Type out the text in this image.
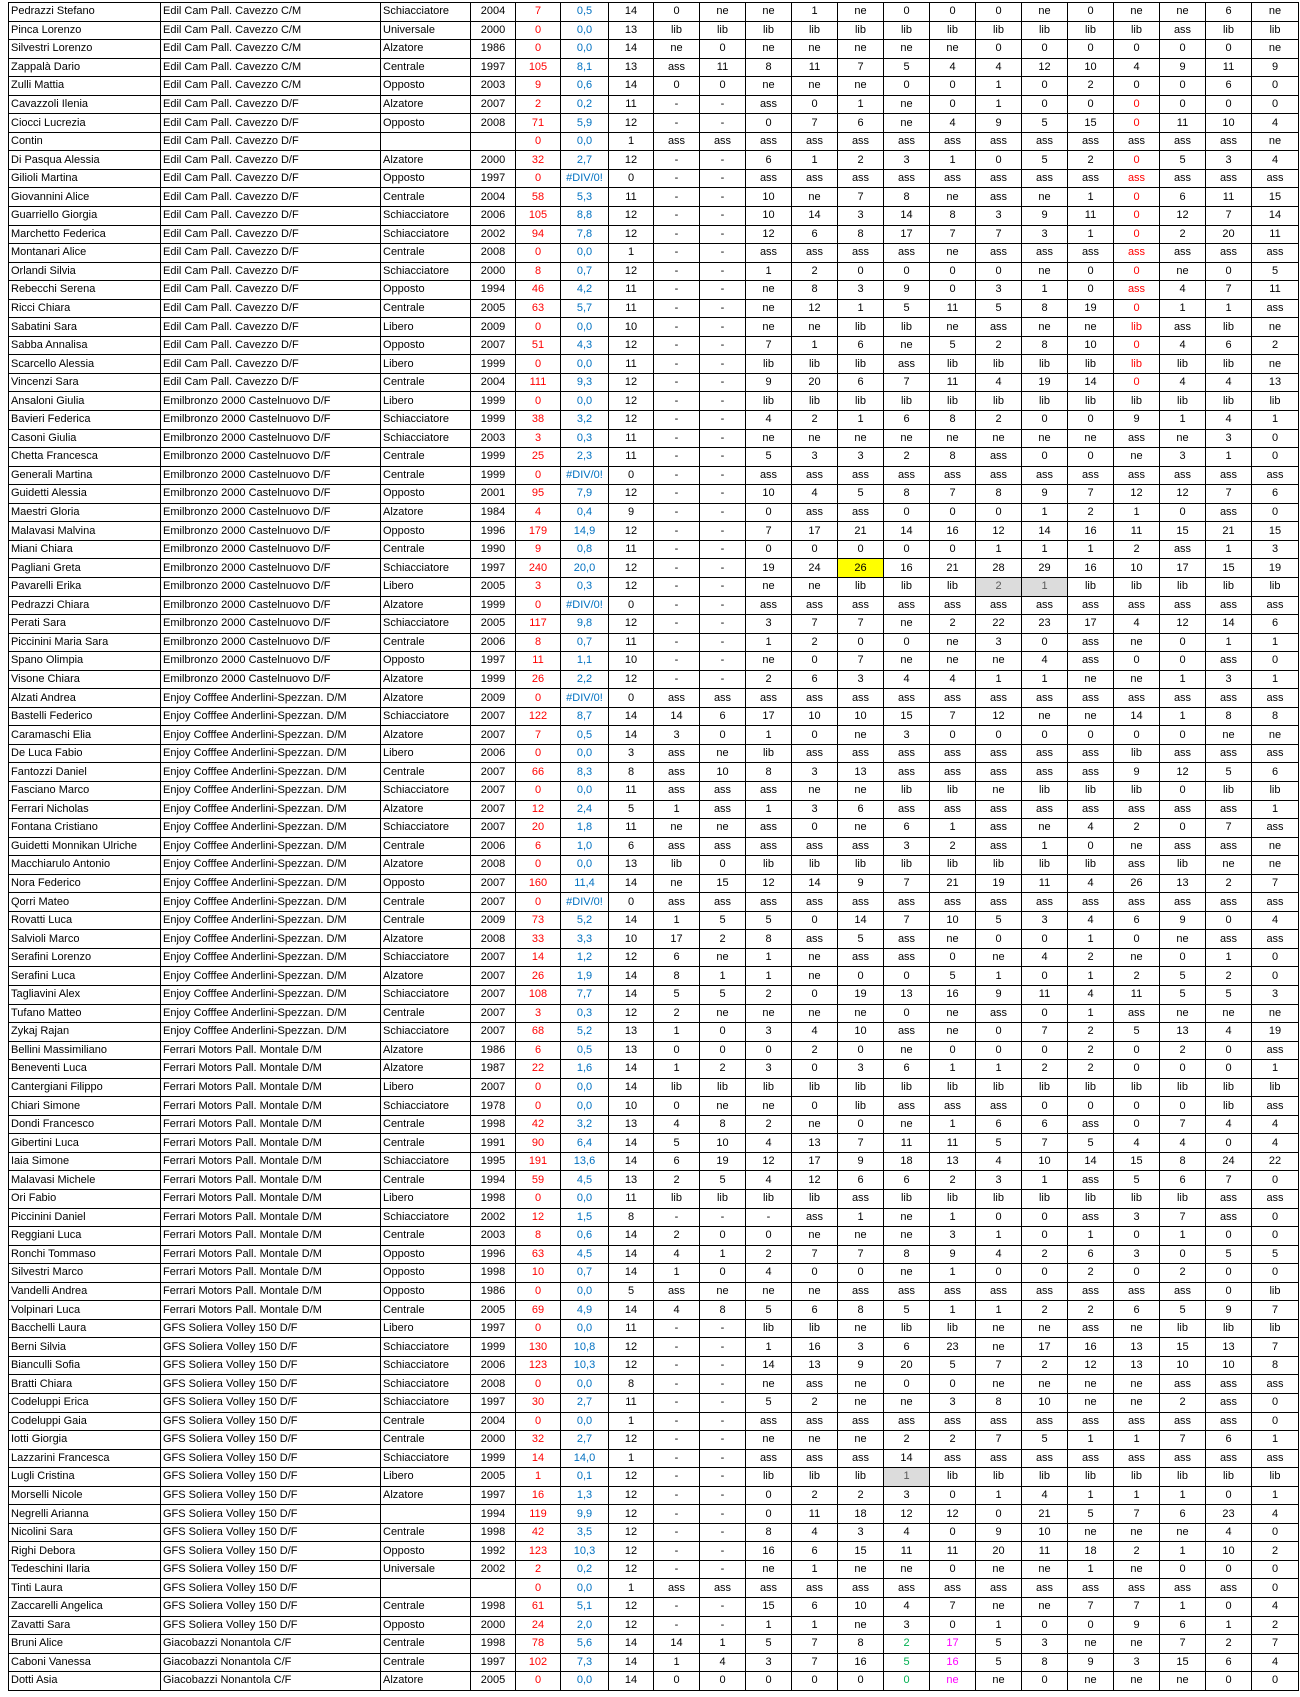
Pedrazzi Stefano	Edil Cam Pall. Cavezzo C/M	Schiacciatore	2004	7	0,5	14	0	ne	ne	1	ne	0	0	0	ne	0	ne	ne	6	ne
Pinca Lorenzo	Edil Cam Pall. Cavezzo C/M	Universale	2000	0	0,0	13	lib	lib	lib	lib	lib	lib	lib	lib	lib	lib	lib	ass	lib	lib
Silvestri Lorenzo	Edil Cam Pall. Cavezzo C/M	Alzatore	1986	0	0,0	14	ne	0	ne	ne	ne	ne	ne	0	0	0	0	0	0	ne
Zappalà Dario	Edil Cam Pall. Cavezzo C/M	Centrale	1997	105	8,1	13	ass	11	8	11	7	5	4	4	12	10	4	9	11	9
Zulli Mattia	Edil Cam Pall. Cavezzo C/M	Opposto	2003	9	0,6	14	0	0	ne	ne	ne	0	0	1	0	2	0	0	6	0
Cavazzoli Ilenia	Edil Cam Pall. Cavezzo D/F	Alzatore	2007	2	0,2	11	-	-	ass	0	1	ne	0	1	0	0	0	0	0	0
Ciocci Lucrezia	Edil Cam Pall. Cavezzo D/F	Opposto	2008	71	5,9	12	-	-	0	7	6	ne	4	9	5	15	0	11	10	4
Contin	Edil Cam Pall. Cavezzo D/F			0	0,0	1	ass	ass	ass	ass	ass	ass	ass	ass	ass	ass	ass	ass	ass	ne
Di Pasqua Alessia	Edil Cam Pall. Cavezzo D/F	Alzatore	2000	32	2,7	12	-	-	6	1	2	3	1	0	5	2	0	5	3	4
Gilioli Martina	Edil Cam Pall. Cavezzo D/F	Opposto	1997	0	#DIV/0!	0	-	-	ass	ass	ass	ass	ass	ass	ass	ass	ass	ass	ass	ass
Giovannini Alice	Edil Cam Pall. Cavezzo D/F	Centrale	2004	58	5,3	11	-	-	10	ne	7	8	ne	ass	ne	1	0	6	11	15
Guarriello Giorgia	Edil Cam Pall. Cavezzo D/F	Schiacciatore	2006	105	8,8	12	-	-	10	14	3	14	8	3	9	11	0	12	7	14
Marchetto Federica	Edil Cam Pall. Cavezzo D/F	Schiacciatore	2002	94	7,8	12	-	-	12	6	8	17	7	7	3	1	0	2	20	11
Montanari Alice	Edil Cam Pall. Cavezzo D/F	Centrale	2008	0	0,0	1	-	-	ass	ass	ass	ass	ne	ass	ass	ass	ass	ass	ass	ass
Orlandi Silvia	Edil Cam Pall. Cavezzo D/F	Schiacciatore	2000	8	0,7	12	-	-	1	2	0	0	0	0	ne	0	0	ne	0	5
Rebecchi Serena	Edil Cam Pall. Cavezzo D/F	Opposto	1994	46	4,2	11	-	-	ne	8	3	9	0	3	1	0	ass	4	7	11
Ricci Chiara	Edil Cam Pall. Cavezzo D/F	Centrale	2005	63	5,7	11	-	-	ne	12	1	5	11	5	8	19	0	1	1	ass
Sabatini Sara	Edil Cam Pall. Cavezzo D/F	Libero	2009	0	0,0	10	-	-	ne	ne	lib	lib	ne	ass	ne	ne	lib	ass	lib	ne
Sabba Annalisa	Edil Cam Pall. Cavezzo D/F	Opposto	2007	51	4,3	12	-	-	7	1	6	ne	5	2	8	10	0	4	6	2
Scarcello Alessia	Edil Cam Pall. Cavezzo D/F	Libero	1999	0	0,0	11	-	-	lib	lib	lib	ass	lib	lib	lib	lib	lib	lib	lib	ne
Vincenzi Sara	Edil Cam Pall. Cavezzo D/F	Centrale	2004	111	9,3	12	-	-	9	20	6	7	11	4	19	14	0	4	4	13
Ansaloni Giulia	Emilbronzo 2000 Castelnuovo D/F	Libero	1999	0	0,0	12	-	-	lib	lib	lib	lib	lib	lib	lib	lib	lib	lib	lib	lib
Bavieri Federica	Emilbronzo 2000 Castelnuovo D/F	Schiacciatore	1999	38	3,2	12	-	-	4	2	1	6	8	2	0	0	9	1	4	1
Casoni Giulia	Emilbronzo 2000 Castelnuovo D/F	Schiacciatore	2003	3	0,3	11	-	-	ne	ne	ne	ne	ne	ne	ne	ne	ass	ne	3	0
Chetta Francesca	Emilbronzo 2000 Castelnuovo D/F	Centrale	1999	25	2,3	11	-	-	5	3	3	2	8	ass	0	0	ne	3	1	0
Generali Martina	Emilbronzo 2000 Castelnuovo D/F	Centrale	1999	0	#DIV/0!	0	-	-	ass	ass	ass	ass	ass	ass	ass	ass	ass	ass	ass	ass
Guidetti Alessia	Emilbronzo 2000 Castelnuovo D/F	Opposto	2001	95	7,9	12	-	-	10	4	5	8	7	8	9	7	12	12	7	6
Maestri Gloria	Emilbronzo 2000 Castelnuovo D/F	Alzatore	1984	4	0,4	9	-	-	0	ass	ass	0	0	0	1	2	1	0	ass	0
Malavasi Malvina	Emilbronzo 2000 Castelnuovo D/F	Opposto	1996	179	14,9	12	-	-	7	17	21	14	16	12	14	16	11	15	21	15
Miani Chiara	Emilbronzo 2000 Castelnuovo D/F	Centrale	1990	9	0,8	11	-	-	0	0	0	0	0	1	1	1	2	ass	1	3
Pagliani Greta	Emilbronzo 2000 Castelnuovo D/F	Schiacciatore	1997	240	20,0	12	-	-	19	24	26	16	21	28	29	16	10	17	15	19
Pavarelli Erika	Emilbronzo 2000 Castelnuovo D/F	Libero	2005	3	0,3	12	-	-	ne	ne	lib	lib	lib	2	1	lib	lib	lib	lib	lib
Pedrazzi Chiara	Emilbronzo 2000 Castelnuovo D/F	Alzatore	1999	0	#DIV/0!	0	-	-	ass	ass	ass	ass	ass	ass	ass	ass	ass	ass	ass	ass
Perati Sara	Emilbronzo 2000 Castelnuovo D/F	Schiacciatore	2005	117	9,8	12	-	-	3	7	7	ne	2	22	23	17	4	12	14	6
Piccinini Maria Sara	Emilbronzo 2000 Castelnuovo D/F	Centrale	2006	8	0,7	11	-	-	1	2	0	0	ne	3	0	ass	ne	0	1	1
Spano Olimpia	Emilbronzo 2000 Castelnuovo D/F	Opposto	1997	11	1,1	10	-	-	ne	0	7	ne	ne	ne	4	ass	0	0	ass	0
Visone Chiara	Emilbronzo 2000 Castelnuovo D/F	Alzatore	1999	26	2,2	12	-	-	2	6	3	4	4	1	1	ne	ne	1	3	1
Alzati Andrea	Enjoy Cofffee Anderlini-Spezzan. D/M	Alzatore	2009	0	#DIV/0!	0	ass	ass	ass	ass	ass	ass	ass	ass	ass	ass	ass	ass	ass	ass
Bastelli Federico	Enjoy Cofffee Anderlini-Spezzan. D/M	Schiacciatore	2007	122	8,7	14	14	6	17	10	10	15	7	12	ne	ne	14	1	8	8
Caramaschi Elia	Enjoy Cofffee Anderlini-Spezzan. D/M	Alzatore	2007	7	0,5	14	3	0	1	0	ne	3	0	0	0	0	0	0	ne	ne
De Luca Fabio	Enjoy Cofffee Anderlini-Spezzan. D/M	Libero	2006	0	0,0	3	ass	ne	lib	ass	ass	ass	ass	ass	ass	ass	lib	ass	ass	ass
Fantozzi Daniel	Enjoy Cofffee Anderlini-Spezzan. D/M	Centrale	2007	66	8,3	8	ass	10	8	3	13	ass	ass	ass	ass	ass	9	12	5	6
Fasciano Marco	Enjoy Cofffee Anderlini-Spezzan. D/M	Schiacciatore	2007	0	0,0	11	ass	ass	ass	ne	ne	lib	lib	ne	lib	lib	lib	0	lib	lib
Ferrari Nicholas	Enjoy Cofffee Anderlini-Spezzan. D/M	Alzatore	2007	12	2,4	5	1	ass	1	3	6	ass	ass	ass	ass	ass	ass	ass	ass	1
Fontana Cristiano	Enjoy Cofffee Anderlini-Spezzan. D/M	Schiacciatore	2007	20	1,8	11	ne	ne	ass	0	ne	6	1	ass	ne	4	2	0	7	ass
Guidetti Monnikan Ulriche	Enjoy Cofffee Anderlini-Spezzan. D/M	Centrale	2006	6	1,0	6	ass	ass	ass	ass	ass	3	2	ass	1	0	ne	ass	ass	ne
Macchiarulo Antonio	Enjoy Cofffee Anderlini-Spezzan. D/M	Alzatore	2008	0	0,0	13	lib	0	lib	lib	lib	lib	lib	lib	lib	lib	ass	lib	ne	ne
Nora Federico	Enjoy Cofffee Anderlini-Spezzan. D/M	Opposto	2007	160	11,4	14	ne	15	12	14	9	7	21	19	11	4	26	13	2	7
Qorri Mateo	Enjoy Cofffee Anderlini-Spezzan. D/M	Centrale	2007	0	#DIV/0!	0	ass	ass	ass	ass	ass	ass	ass	ass	ass	ass	ass	ass	ass	ass
Rovatti Luca	Enjoy Cofffee Anderlini-Spezzan. D/M	Centrale	2009	73	5,2	14	1	5	5	0	14	7	10	5	3	4	6	9	0	4
Salvioli Marco	Enjoy Cofffee Anderlini-Spezzan. D/M	Alzatore	2008	33	3,3	10	17	2	8	ass	5	ass	ne	0	0	1	0	ne	ass	ass
Serafini Lorenzo	Enjoy Cofffee Anderlini-Spezzan. D/M	Schiacciatore	2007	14	1,2	12	6	ne	1	ne	ass	ass	0	ne	4	2	ne	0	1	0
Serafini Luca	Enjoy Cofffee Anderlini-Spezzan. D/M	Alzatore	2007	26	1,9	14	8	1	1	ne	0	0	5	1	0	1	2	5	2	0
Tagliavini Alex	Enjoy Cofffee Anderlini-Spezzan. D/M	Schiacciatore	2007	108	7,7	14	5	5	2	0	19	13	16	9	11	4	11	5	5	3
Tufano Matteo	Enjoy Cofffee Anderlini-Spezzan. D/M	Centrale	2007	3	0,3	12	2	ne	ne	ne	ne	0	ne	ass	0	1	ass	ne	ne	ne
Zykaj Rajan	Enjoy Cofffee Anderlini-Spezzan. D/M	Schiacciatore	2007	68	5,2	13	1	0	3	4	10	ass	ne	0	7	2	5	13	4	19
Bellini Massimiliano	Ferrari Motors Pall. Montale D/M	Alzatore	1986	6	0,5	13	0	0	0	2	0	ne	0	0	0	2	0	2	0	ass
Beneventi Luca	Ferrari Motors Pall. Montale D/M	Alzatore	1987	22	1,6	14	1	2	3	0	3	6	1	1	2	2	0	0	0	1
Cantergiani Filippo	Ferrari Motors Pall. Montale D/M	Libero	2007	0	0,0	14	lib	lib	lib	lib	lib	lib	lib	lib	lib	lib	lib	lib	lib	lib
Chiari Simone	Ferrari Motors Pall. Montale D/M	Schiacciatore	1978	0	0,0	10	0	ne	ne	0	lib	ass	ass	ass	0	0	0	0	lib	ass
Dondi Francesco	Ferrari Motors Pall. Montale D/M	Centrale	1998	42	3,2	13	4	8	2	ne	0	ne	1	6	6	ass	0	7	4	4
Gibertini Luca	Ferrari Motors Pall. Montale D/M	Centrale	1991	90	6,4	14	5	10	4	13	7	11	11	5	7	5	4	4	0	4
Iaia Simone	Ferrari Motors Pall. Montale D/M	Schiacciatore	1995	191	13,6	14	6	19	12	17	9	18	13	4	10	14	15	8	24	22
Malavasi Michele	Ferrari Motors Pall. Montale D/M	Centrale	1994	59	4,5	13	2	5	4	12	6	6	2	3	1	ass	5	6	7	0
Ori Fabio	Ferrari Motors Pall. Montale D/M	Libero	1998	0	0,0	11	lib	lib	lib	lib	ass	lib	lib	lib	lib	lib	lib	lib	ass	ass
Piccinini Daniel	Ferrari Motors Pall. Montale D/M	Schiacciatore	2002	12	1,5	8	-	-	-	ass	1	ne	1	0	0	ass	3	7	ass	0
Reggiani Luca	Ferrari Motors Pall. Montale D/M	Centrale	2003	8	0,6	14	2	0	0	ne	ne	ne	3	1	0	1	0	1	0	0
Ronchi Tommaso	Ferrari Motors Pall. Montale D/M	Opposto	1996	63	4,5	14	4	1	2	7	7	8	9	4	2	6	3	0	5	5
Silvestri Marco	Ferrari Motors Pall. Montale D/M	Opposto	1998	10	0,7	14	1	0	4	0	0	ne	1	0	0	2	0	2	0	0
Vandelli Andrea	Ferrari Motors Pall. Montale D/M	Opposto	1986	0	0,0	5	ass	ne	ne	ne	ass	ass	ass	ass	ass	ass	ass	ass	0	lib
Volpinari Luca	Ferrari Motors Pall. Montale D/M	Centrale	2005	69	4,9	14	4	8	5	6	8	5	1	1	2	2	6	5	9	7
Bacchelli Laura	GFS Soliera Volley 150 D/F	Libero	1997	0	0,0	11	-	-	lib	lib	ne	lib	lib	ne	ne	ass	ne	lib	lib	lib
Berni Silvia	GFS Soliera Volley 150 D/F	Schiacciatore	1999	130	10,8	12	-	-	1	16	3	6	23	ne	17	16	13	15	13	7
Bianculli Sofia	GFS Soliera Volley 150 D/F	Schiacciatore	2006	123	10,3	12	-	-	14	13	9	20	5	7	2	12	13	10	10	8
Bratti Chiara	GFS Soliera Volley 150 D/F	Schiacciatore	2008	0	0,0	8	-	-	ne	ass	ne	0	0	ne	ne	ne	ne	ass	ass	ass
Codeluppi Erica	GFS Soliera Volley 150 D/F	Schiacciatore	1997	30	2,7	11	-	-	5	2	ne	ne	3	8	10	ne	ne	2	ass	0
Codeluppi Gaia	GFS Soliera Volley 150 D/F	Centrale	2004	0	0,0	1	-	-	ass	ass	ass	ass	ass	ass	ass	ass	ass	ass	ass	0
Iotti Giorgia	GFS Soliera Volley 150 D/F	Centrale	2000	32	2,7	12	-	-	ne	ne	ne	2	2	7	5	1	1	7	6	1
Lazzarini Francesca	GFS Soliera Volley 150 D/F	Schiacciatore	1999	14	14,0	1	-	-	ass	ass	ass	14	ass	ass	ass	ass	ass	ass	ass	ass
Lugli Cristina	GFS Soliera Volley 150 D/F	Libero	2005	1	0,1	12	-	-	lib	lib	lib	1	lib	lib	lib	lib	lib	lib	lib	lib
Morselli Nicole	GFS Soliera Volley 150 D/F	Alzatore	1997	16	1,3	12	-	-	0	2	2	3	0	1	4	1	1	1	0	1
Negrelli Arianna	GFS Soliera Volley 150 D/F		1994	119	9,9	12	-	-	0	11	18	12	12	0	21	5	7	6	23	4
Nicolini Sara	GFS Soliera Volley 150 D/F	Centrale	1998	42	3,5	12	-	-	8	4	3	4	0	9	10	ne	ne	ne	4	0
Righi Debora	GFS Soliera Volley 150 D/F	Opposto	1992	123	10,3	12	-	-	16	6	15	11	11	20	11	18	2	1	10	2
Tedeschini Ilaria	GFS Soliera Volley 150 D/F	Universale	2002	2	0,2	12	-	-	ne	1	ne	ne	0	ne	ne	1	ne	0	0	0
Tinti Laura	GFS Soliera Volley 150 D/F			0	0,0	1	ass	ass	ass	ass	ass	ass	ass	ass	ass	ass	ass	ass	ass	0
Zaccarelli Angelica	GFS Soliera Volley 150 D/F	Centrale	1998	61	5,1	12	-	-	15	6	10	4	7	ne	ne	7	7	1	0	4
Zavatti Sara	GFS Soliera Volley 150 D/F	Opposto	2000	24	2,0	12	-	-	1	1	ne	3	0	1	0	0	9	6	1	2
Bruni Alice	Giacobazzi Nonantola C/F	Centrale	1998	78	5,6	14	14	1	5	7	8	2	17	5	3	ne	ne	7	2	7
Caboni Vanessa	Giacobazzi Nonantola C/F	Centrale	1997	102	7,3	14	1	4	3	7	16	5	16	5	8	9	3	15	6	4
Dotti Asia	Giacobazzi Nonantola C/F	Alzatore	2005	0	0,0	14	0	0	0	0	0	0	ne	ne	0	ne	ne	ne	0	0
